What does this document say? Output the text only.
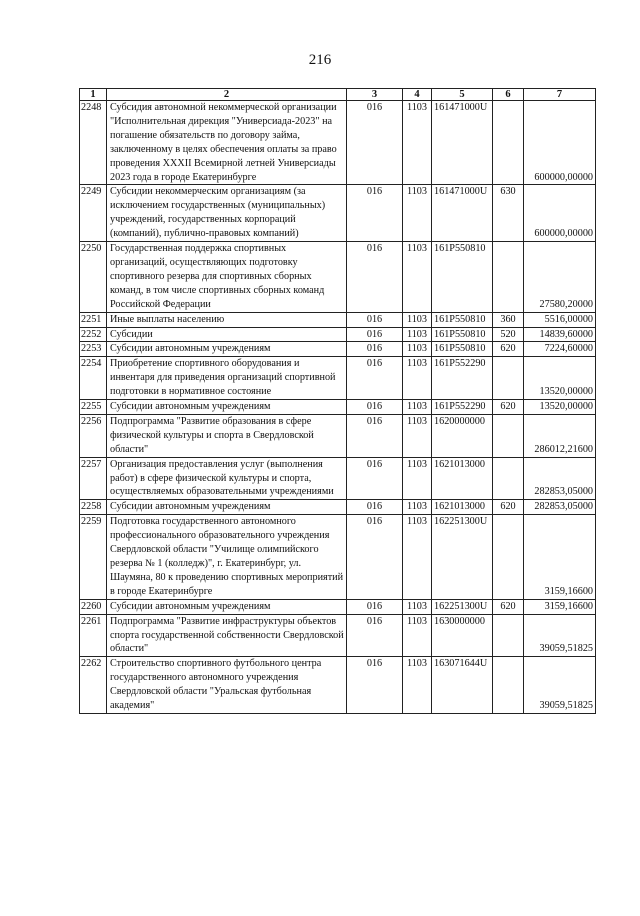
216
1	2	3	4	5	6	7
2248	Субсидия автономной некоммерческой организации "Исполнительная дирекция "Универсиада-2023" на погашение обязательств по договору займа, заключенному в целях обеспечения оплаты за право проведения XXXII Всемирной летней Универсиады 2023 года в городе Екатеринбурге	016	1103	161471000U		600000,00000
2249	Субсидии некоммерческим организациям (за исключением государственных (муниципальных) учреждений, государственных корпораций (компаний), публично-правовых компаний)	016	1103	161471000U	630	600000,00000
2250	Государственная поддержка спортивных организаций, осуществляющих подготовку спортивного резерва для спортивных сборных команд, в том числе спортивных сборных команд Российской Федерации	016	1103	161P550810		27580,20000
2251	Иные выплаты населению	016	1103	161P550810	360	5516,00000
2252	Субсидии	016	1103	161P550810	520	14839,60000
2253	Субсидии автономным учреждениям	016	1103	161P550810	620	7224,60000
2254	Приобретение спортивного оборудования и инвентаря для приведения организаций спортивной подготовки в нормативное состояние	016	1103	161P552290		13520,00000
2255	Субсидии автономным учреждениям	016	1103	161P552290	620	13520,00000
2256	Подпрограмма "Развитие образования в сфере физической культуры и спорта в Свердловской области"	016	1103	1620000000		286012,21600
2257	Организация предоставления услуг (выполнения работ) в сфере физической культуры и спорта, осуществляемых образовательными учреждениями	016	1103	1621013000		282853,05000
2258	Субсидии автономным учреждениям	016	1103	1621013000	620	282853,05000
2259	Подготовка государственного автономного профессионального образовательного учреждения Свердловской области "Училище олимпийского резерва № 1 (колледж)", г. Екатеринбург, ул. Шаумяна, 80 к проведению спортивных мероприятий в городе Екатеринбурге	016	1103	162251300U		3159,16600
2260	Субсидии автономным учреждениям	016	1103	162251300U	620	3159,16600
2261	Подпрограмма "Развитие инфраструктуры объектов спорта государственной собственности Свердловской области"	016	1103	1630000000		39059,51825
2262	Строительство спортивного футбольного центра государственного автономного учреждения Свердловской области "Уральская футбольная академия"	016	1103	163071644U		39059,51825
